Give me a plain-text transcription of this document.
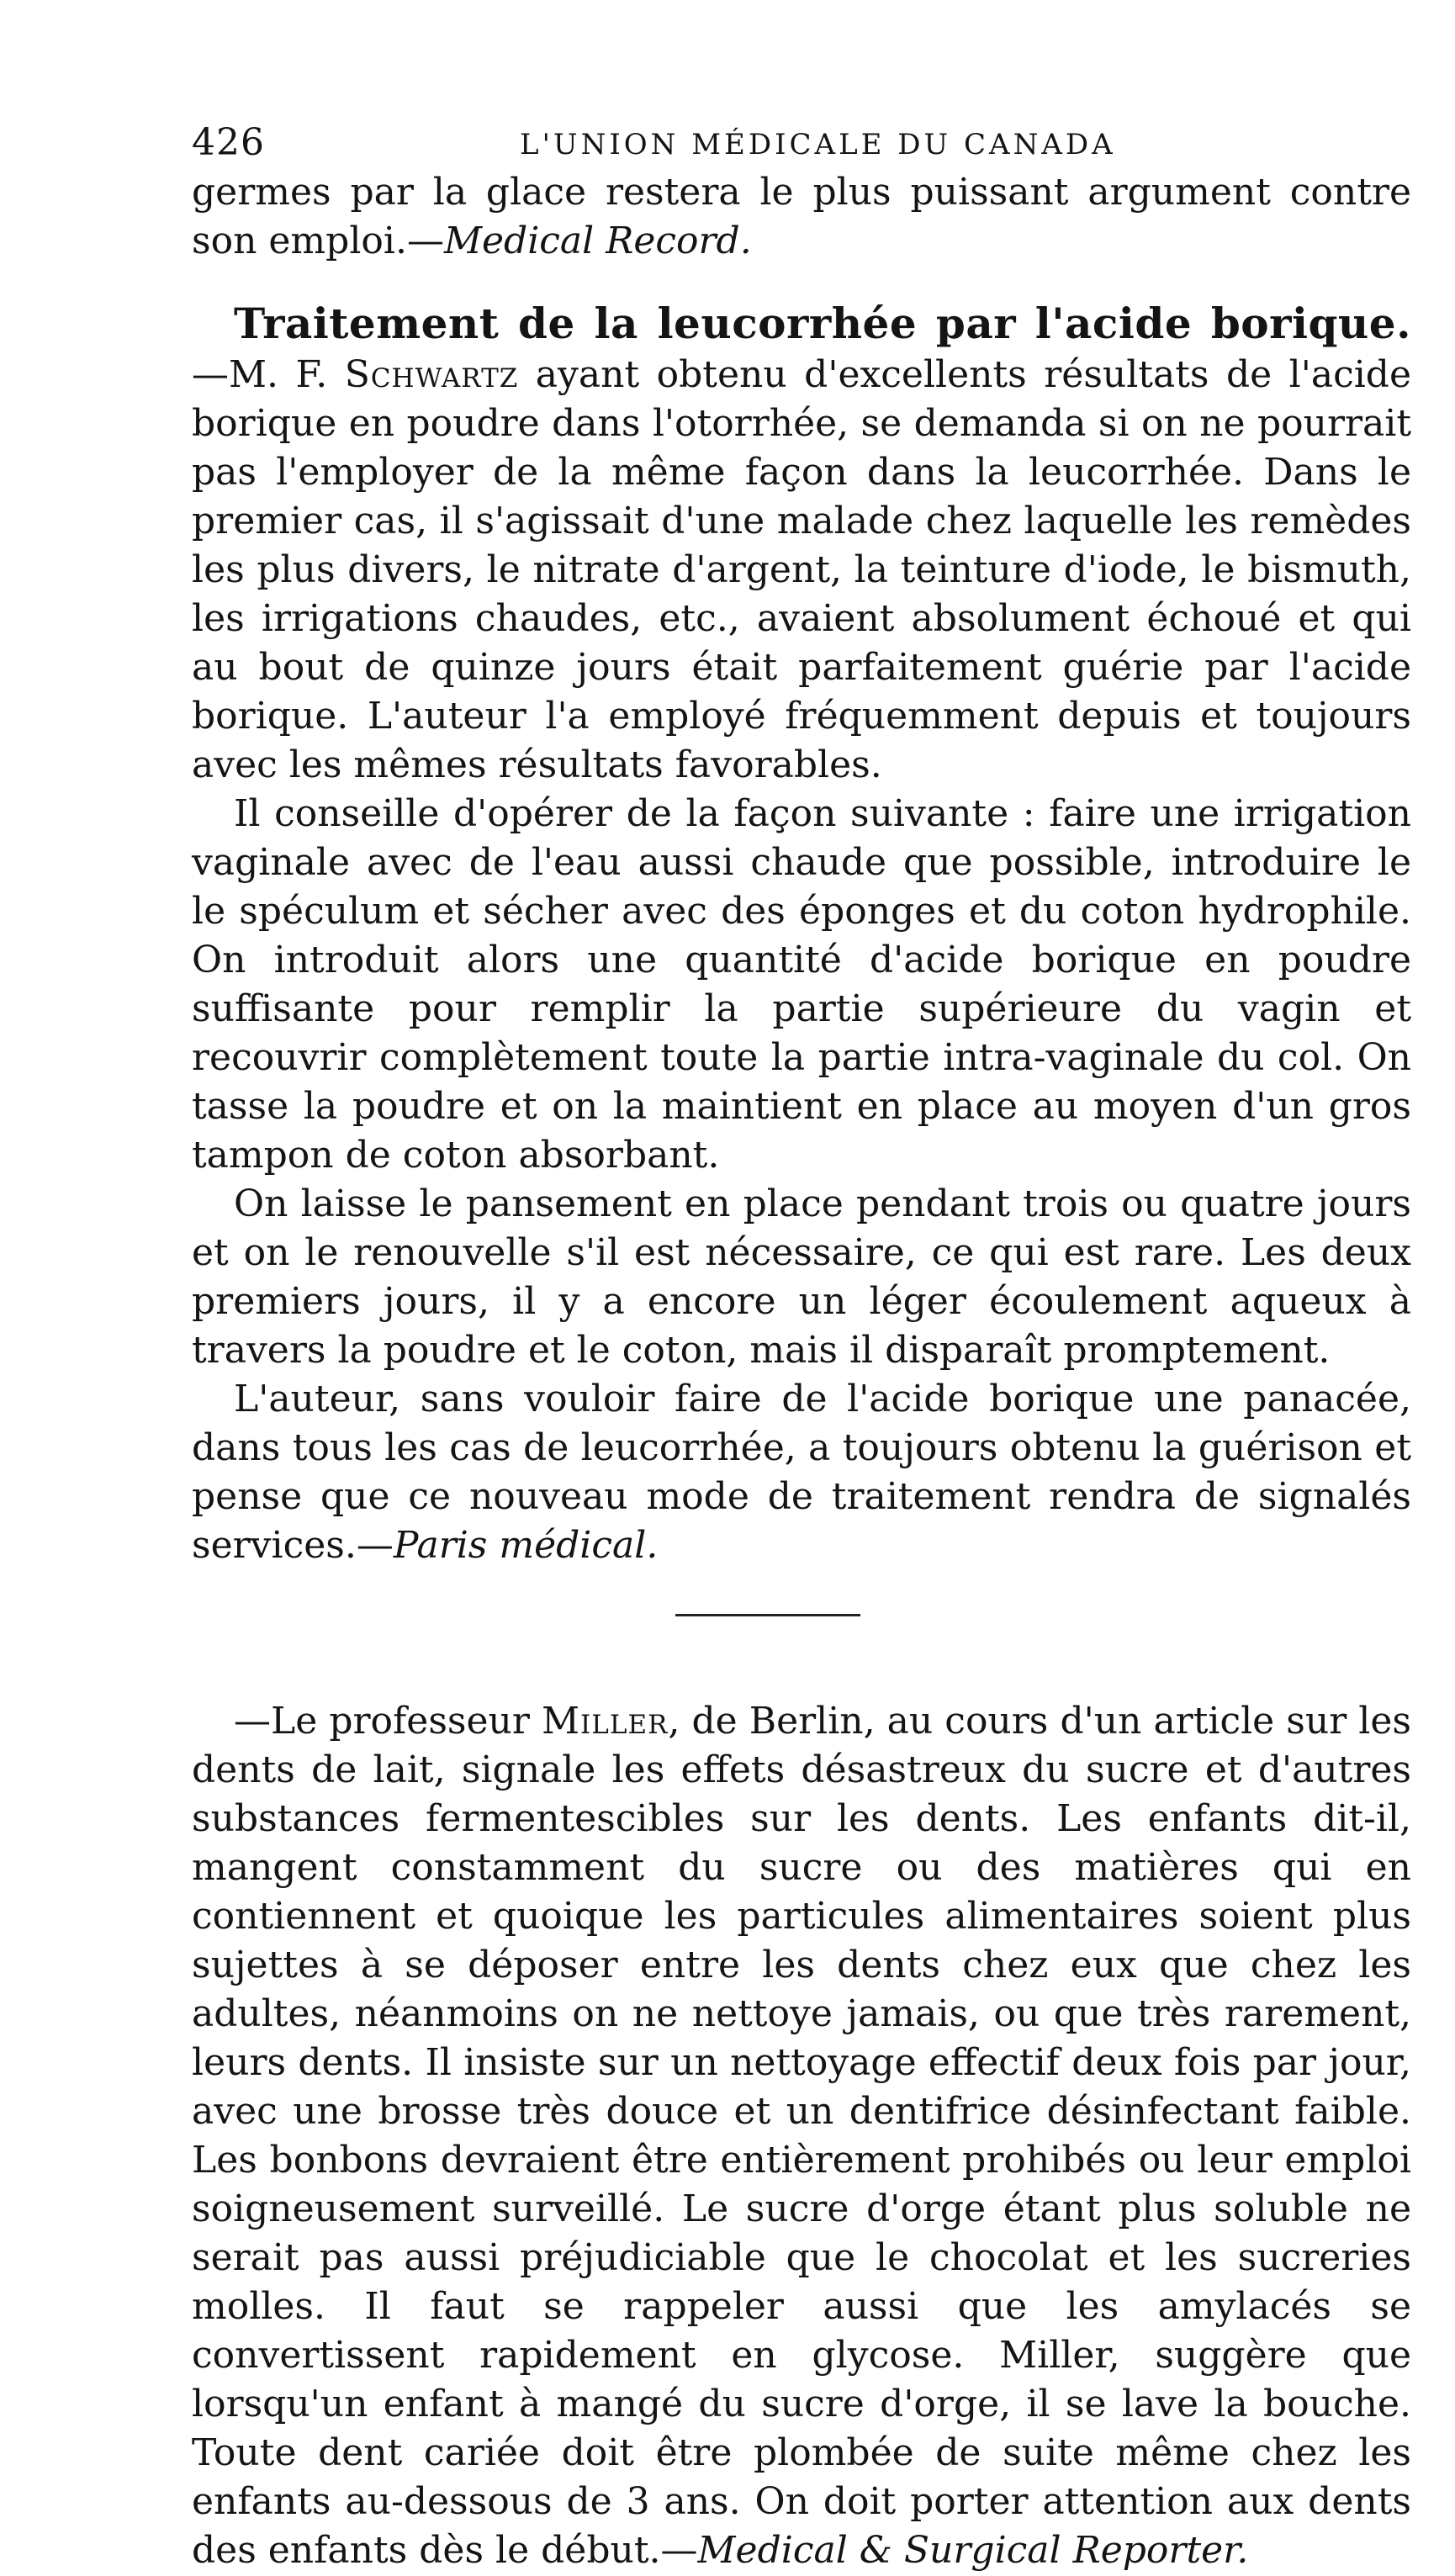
426	L'UNION MÉDICALE DU CANADA

germes par la glace restera le plus puissant argument contre son emploi.—Medical Record.

Traitement de la leucorrhée par l'acide borique.—M. F. Schwartz ayant obtenu d'excellents résultats de l'acide borique en poudre dans l'otorrhée, se demanda si on ne pourrait pas l'employer de la même façon dans la leucorrhée. Dans le premier cas, il s'agissait d'une malade chez laquelle les remèdes les plus divers, le nitrate d'argent, la teinture d'iode, le bismuth, les irrigations chaudes, etc., avaient absolument échoué et qui au bout de quinze jours était parfaitement guérie par l'acide borique. L'auteur l'a employé fréquemment depuis et toujours avec les mêmes résultats favorables.

Il conseille d'opérer de la façon suivante : faire une irrigation vaginale avec de l'eau aussi chaude que possible, introduire le le spéculum et sécher avec des éponges et du coton hydrophile. On introduit alors une quantité d'acide borique en poudre suffisante pour remplir la partie supérieure du vagin et recouvrir complètement toute la partie intra-vaginale du col. On tasse la poudre et on la maintient en place au moyen d'un gros tampon de coton absorbant.

On laisse le pansement en place pendant trois ou quatre jours et on le renouvelle s'il est nécessaire, ce qui est rare. Les deux premiers jours, il y a encore un léger écoulement aqueux à travers la poudre et le coton, mais il disparaît promptement.

L'auteur, sans vouloir faire de l'acide borique une panacée, dans tous les cas de leucorrhée, a toujours obtenu la guérison et pense que ce nouveau mode de traitement rendra de signalés services.—Paris médical.

—Le professeur Miller, de Berlin, au cours d'un article sur les dents de lait, signale les effets désastreux du sucre et d'autres substances fermentescibles sur les dents. Les enfants dit-il, mangent constamment du sucre ou des matières qui en contiennent et quoique les particules alimentaires soient plus sujettes à se déposer entre les dents chez eux que chez les adultes, néanmoins on ne nettoye jamais, ou que très rarement, leurs dents. Il insiste sur un nettoyage effectif deux fois par jour, avec une brosse très douce et un dentifrice désinfectant faible. Les bonbons devraient être entièrement prohibés ou leur emploi soigneusement surveillé. Le sucre d'orge étant plus soluble ne serait pas aussi préjudiciable que le chocolat et les sucreries molles. Il faut se rappeler aussi que les amylacés se convertissent rapidement en glycose. Miller, suggère que lorsqu'un enfant à mangé du sucre d'orge, il se lave la bouche. Toute dent cariée doit être plombée de suite même chez les enfants au-dessous de 3 ans. On doit porter attention aux dents des enfants dès le début.—Medical & Surgical Reporter.
